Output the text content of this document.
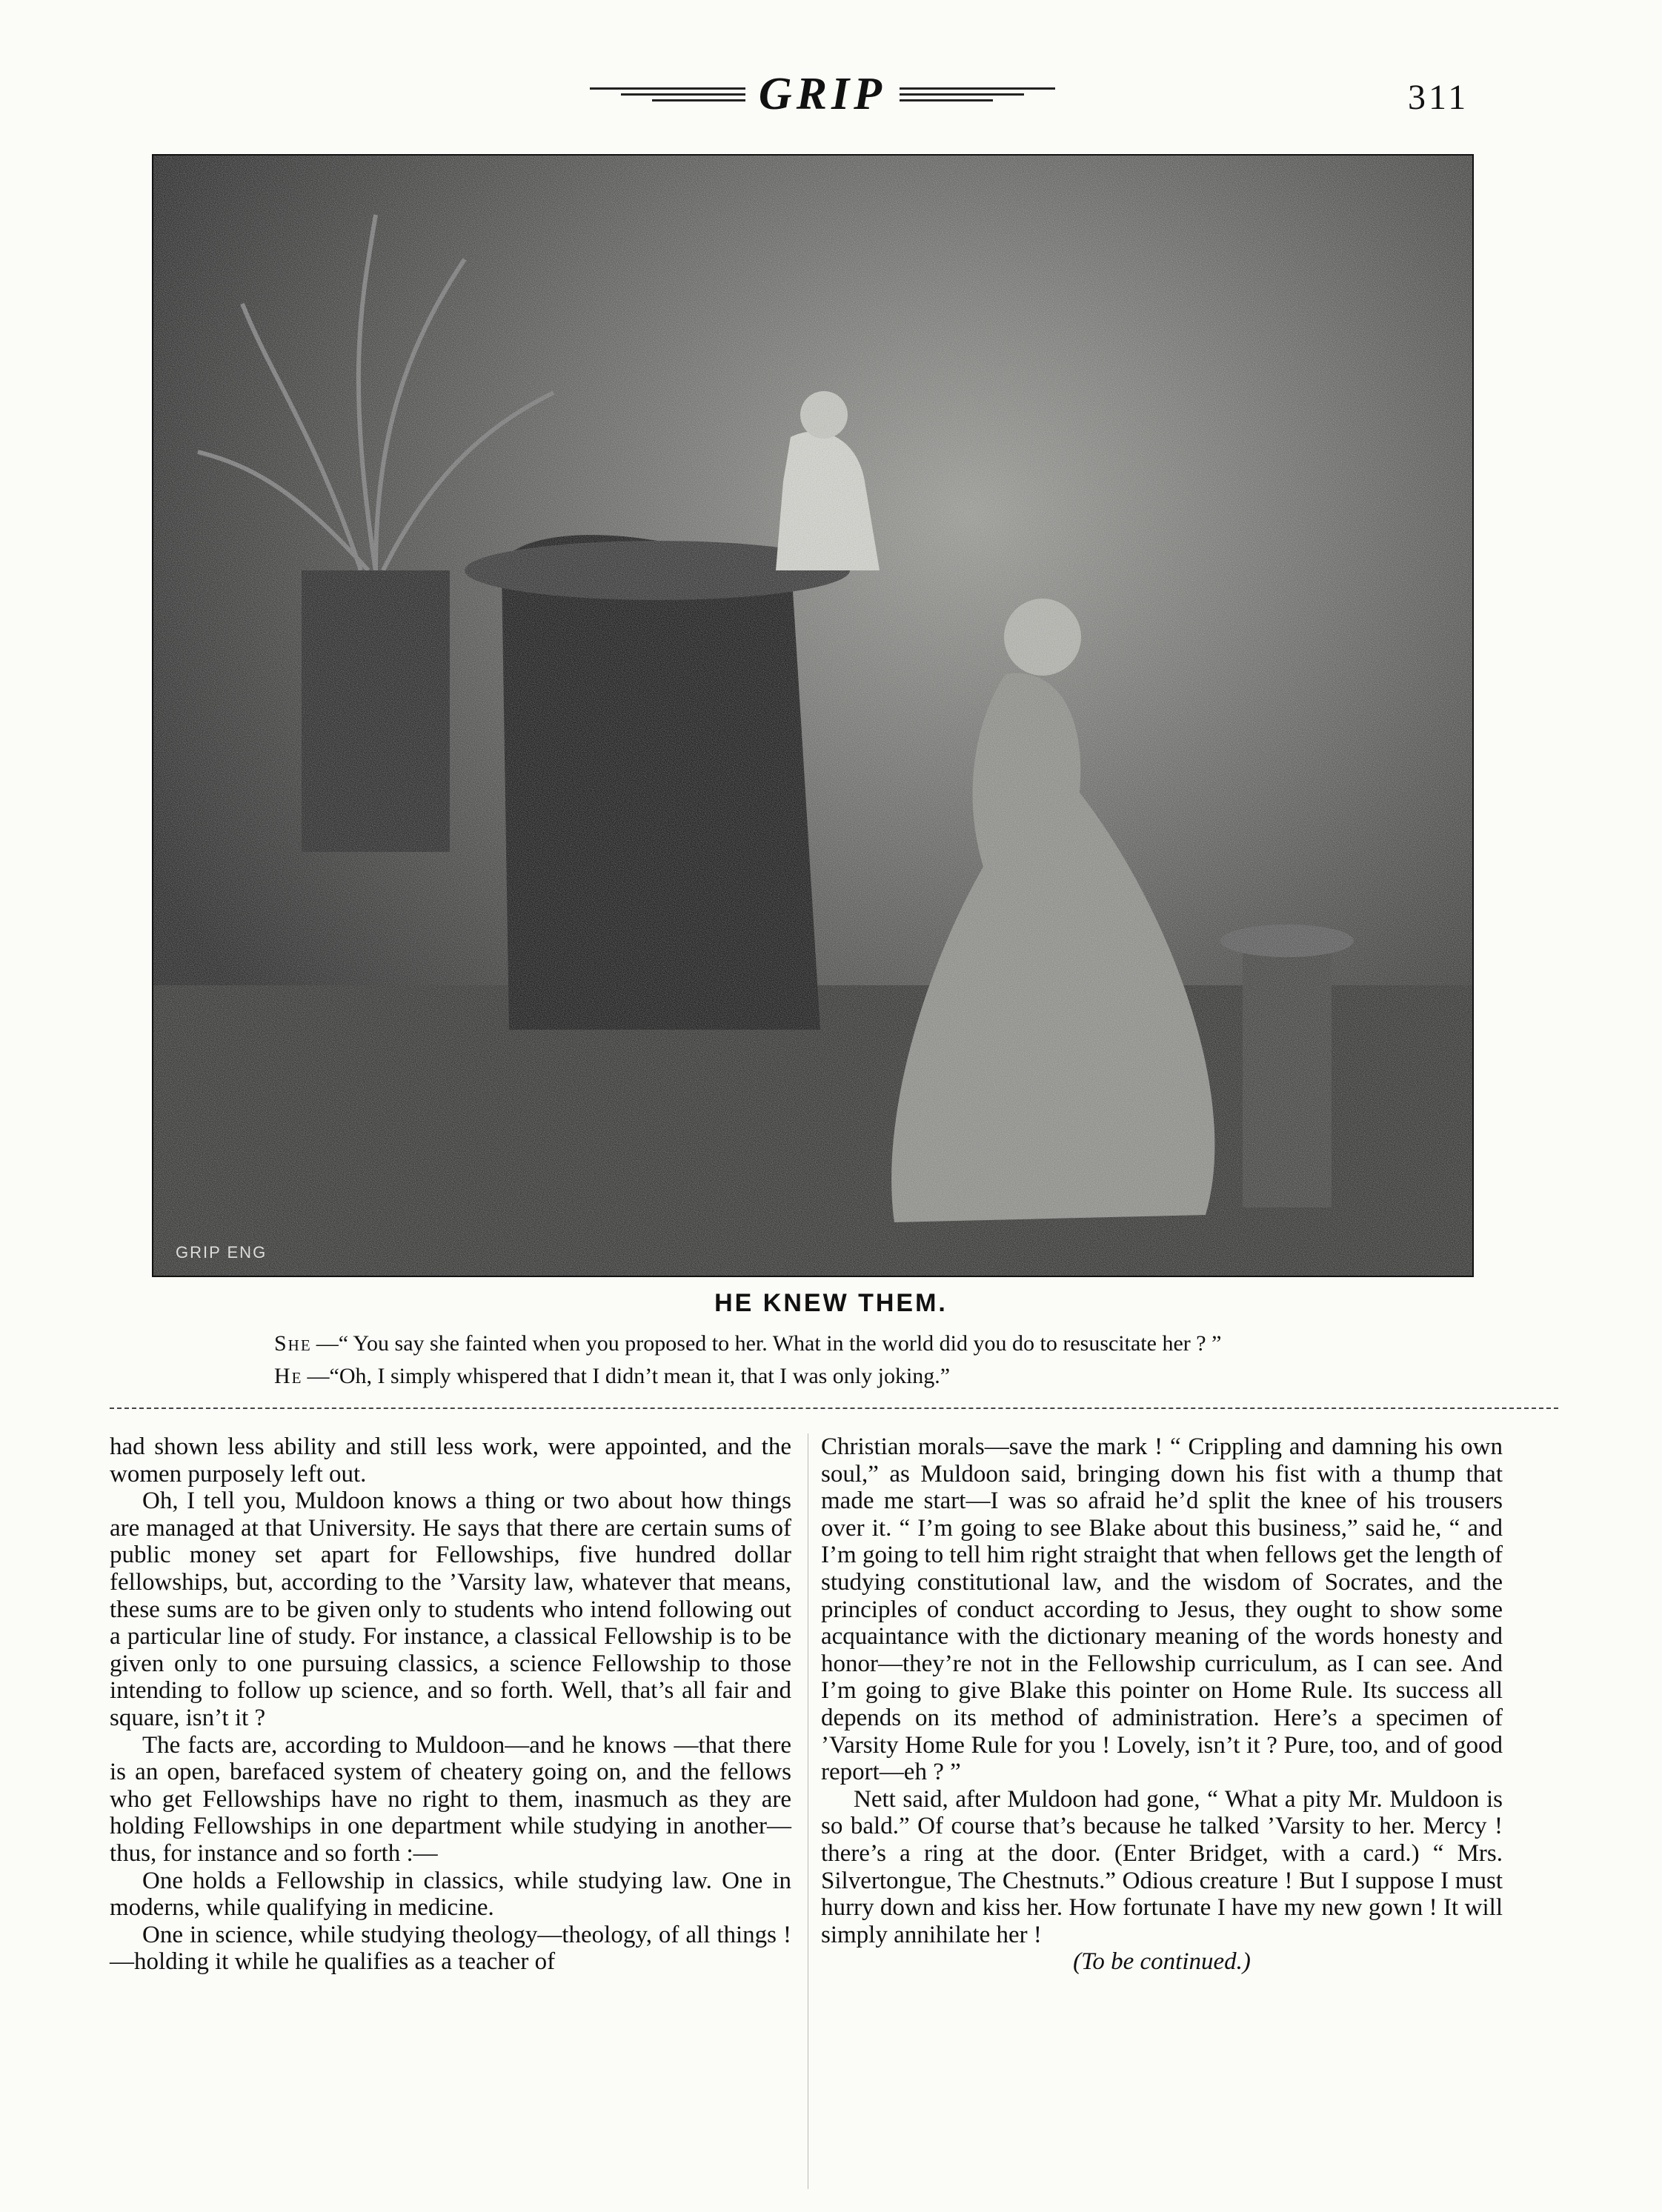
GRIP	311
GRIP ENG
HE KNEW THEM.
She —“ You say she fainted when you proposed to her. What in the world did you do to resuscitate her ? ”
He —“Oh, I simply whispered that I didn’t mean it, that I was only joking.”

had shown less ability and still less work, were appointed, and the women purposely left out.

Oh, I tell you, Muldoon knows a thing or two about how things are managed at that University. He says that there are certain sums of public money set apart for Fellowships, five hundred dollar fellowships, but, according to the ’Varsity law, whatever that means, these sums are to be given only to students who intend following out a particular line of study. For instance, a classical Fellowship is to be given only to one pursuing classics, a science Fellowship to those intending to follow up science, and so forth. Well, that’s all fair and square, isn’t it ?

The facts are, according to Muldoon—and he knows —that there is an open, barefaced system of cheatery going on, and the fellows who get Fellowships have no right to them, inasmuch as they are holding Fellowships in one department while studying in another—thus, for instance and so forth :—

One holds a Fellowship in classics, while studying law. One in moderns, while qualifying in medicine.

One in science, while studying theology—theology, of all things !—holding it while he qualifies as a teacher of

Christian morals—save the mark ! “ Crippling and damning his own soul,” as Muldoon said, bringing down his fist with a thump that made me start—I was so afraid he’d split the knee of his trousers over it. “ I’m going to see Blake about this business,” said he, “ and I’m going to tell him right straight that when fellows get the length of studying constitutional law, and the wisdom of Socrates, and the principles of conduct according to Jesus, they ought to show some acquaintance with the dictionary meaning of the words honesty and honor—they’re not in the Fellowship curriculum, as I can see. And I’m going to give Blake this pointer on Home Rule. Its success all depends on its method of administration. Here’s a specimen of ’Varsity Home Rule for you ! Lovely, isn’t it ? Pure, too, and of good report—eh ? ”

Nett said, after Muldoon had gone, “ What a pity Mr. Muldoon is so bald.” Of course that’s because he talked ’Varsity to her. Mercy ! there’s a ring at the door. (Enter Bridget, with a card.) “ Mrs. Silvertongue, The Chestnuts.” Odious creature ! But I suppose I must hurry down and kiss her. How fortunate I have my new gown ! It will simply annihilate her !

(To be continued.)
